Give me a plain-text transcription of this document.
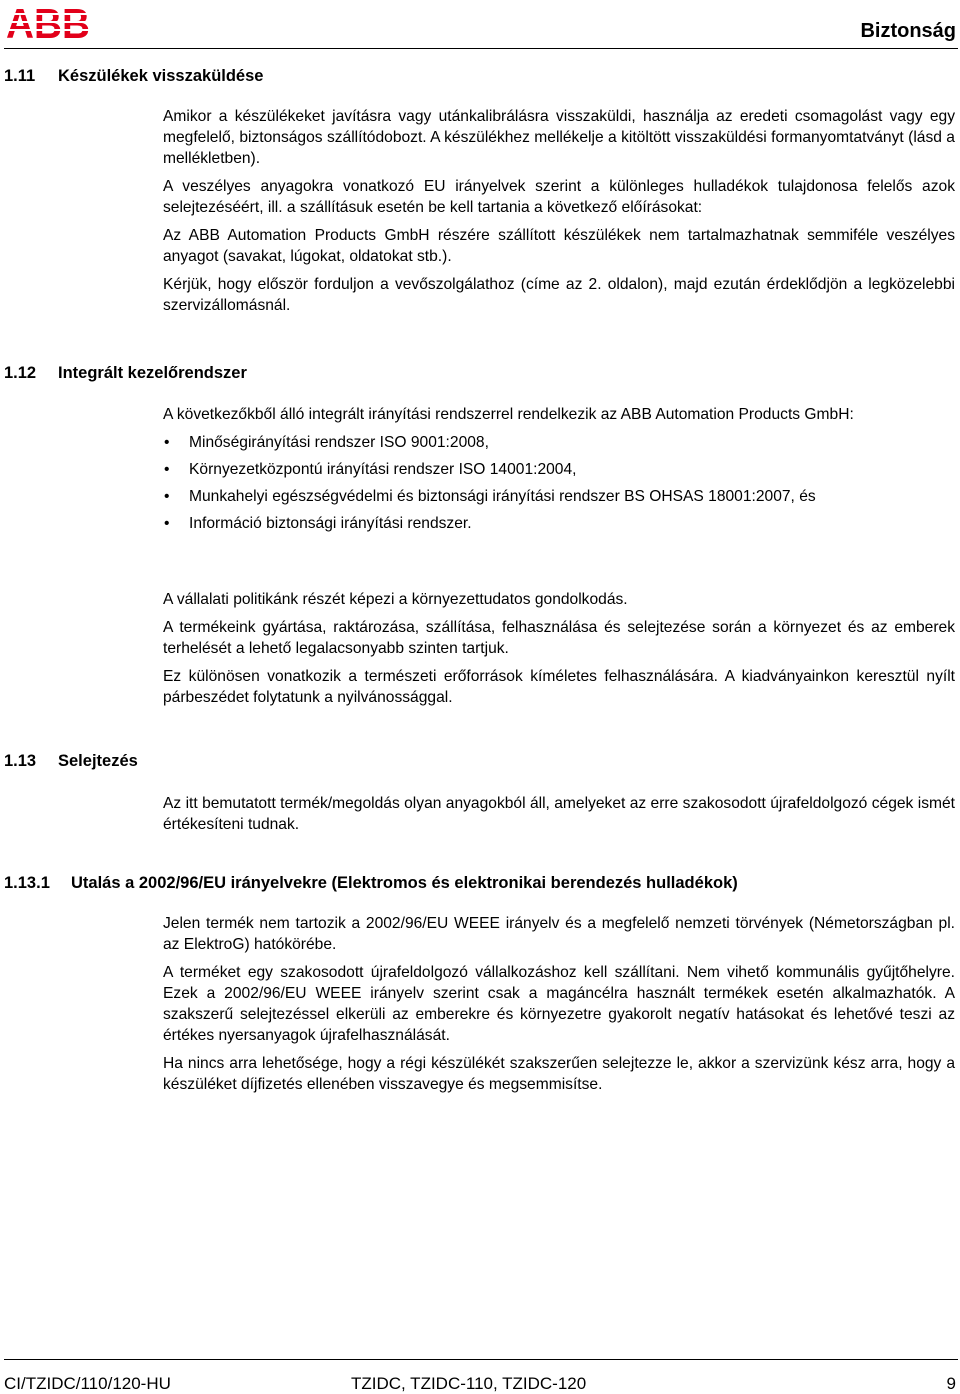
ABB	Biztonság
1.11 Készülékek visszaküldése

Amikor a készülékeket javításra vagy utánkalibrálásra visszaküldi, használja az eredeti csomagolást vagy egy megfelelő, biztonságos szállítódobozt. A készülékhez mellékelje a kitöltött visszaküldési formanyomtatványt (lásd a mellékletben).

A veszélyes anyagokra vonatkozó EU irányelvek szerint a különleges hulladékok tulajdonosa felelős azok selejtezéséért, ill. a szállításuk esetén be kell tartania a következő előírásokat:

Az ABB Automation Products GmbH részére szállított készülékek nem tartalmazhatnak semmiféle veszélyes anyagot (savakat, lúgokat, oldatokat stb.).

Kérjük, hogy először forduljon a vevőszolgálathoz (címe az 2. oldalon), majd ezután érdeklődjön a legközelebbi szervizállomásnál.

1.12 Integrált kezelőrendszer

A következőkből álló integrált irányítási rendszerrel rendelkezik az ABB Automation Products GmbH:

• Minőségirányítási rendszer ISO 9001:2008,
• Környezetközpontú irányítási rendszer ISO 14001:2004,
• Munkahelyi egészségvédelmi és biztonsági irányítási rendszer BS OHSAS 18001:2007, és
• Információ biztonsági irányítási rendszer.

A vállalati politikánk részét képezi a környezettudatos gondolkodás.

A termékeink gyártása, raktározása, szállítása, felhasználása és selejtezése során a környezet és az emberek terhelését a lehető legalacsonyabb szinten tartjuk.

Ez különösen vonatkozik a természeti erőforrások kíméletes felhasználására. A kiadványainkon keresztül nyílt párbeszédet folytatunk a nyilvánossággal.

1.13 Selejtezés

Az itt bemutatott termék/megoldás olyan anyagokból áll, amelyeket az erre szakosodott újrafeldolgozó cégek ismét értékesíteni tudnak.

1.13.1 Utalás a 2002/96/EU irányelvekre (Elektromos és elektronikai berendezés hulladékok)

Jelen termék nem tartozik a 2002/96/EU WEEE irányelv és a megfelelő nemzeti törvények (Németországban pl. az ElektroG) hatókörébe.

A terméket egy szakosodott újrafeldolgozó vállalkozáshoz kell szállítani. Nem vihető kommunális gyűjtőhelyre. Ezek a 2002/96/EU WEEE irányelv szerint csak a magáncélra használt termékek esetén alkalmazhatók. A szakszerű selejtezéssel elkerüli az emberekre és környezetre gyakorolt negatív hatásokat és lehetővé teszi az értékes nyersanyagok újrafelhasználását.

Ha nincs arra lehetősége, hogy a régi készülékét szakszerűen selejtezze le, akkor a szervizünk kész arra, hogy a készüléket díjfizetés ellenében visszavegye és megsemmisítse.

CI/TZIDC/110/120-HU	TZIDC, TZIDC-110, TZIDC-120	9
